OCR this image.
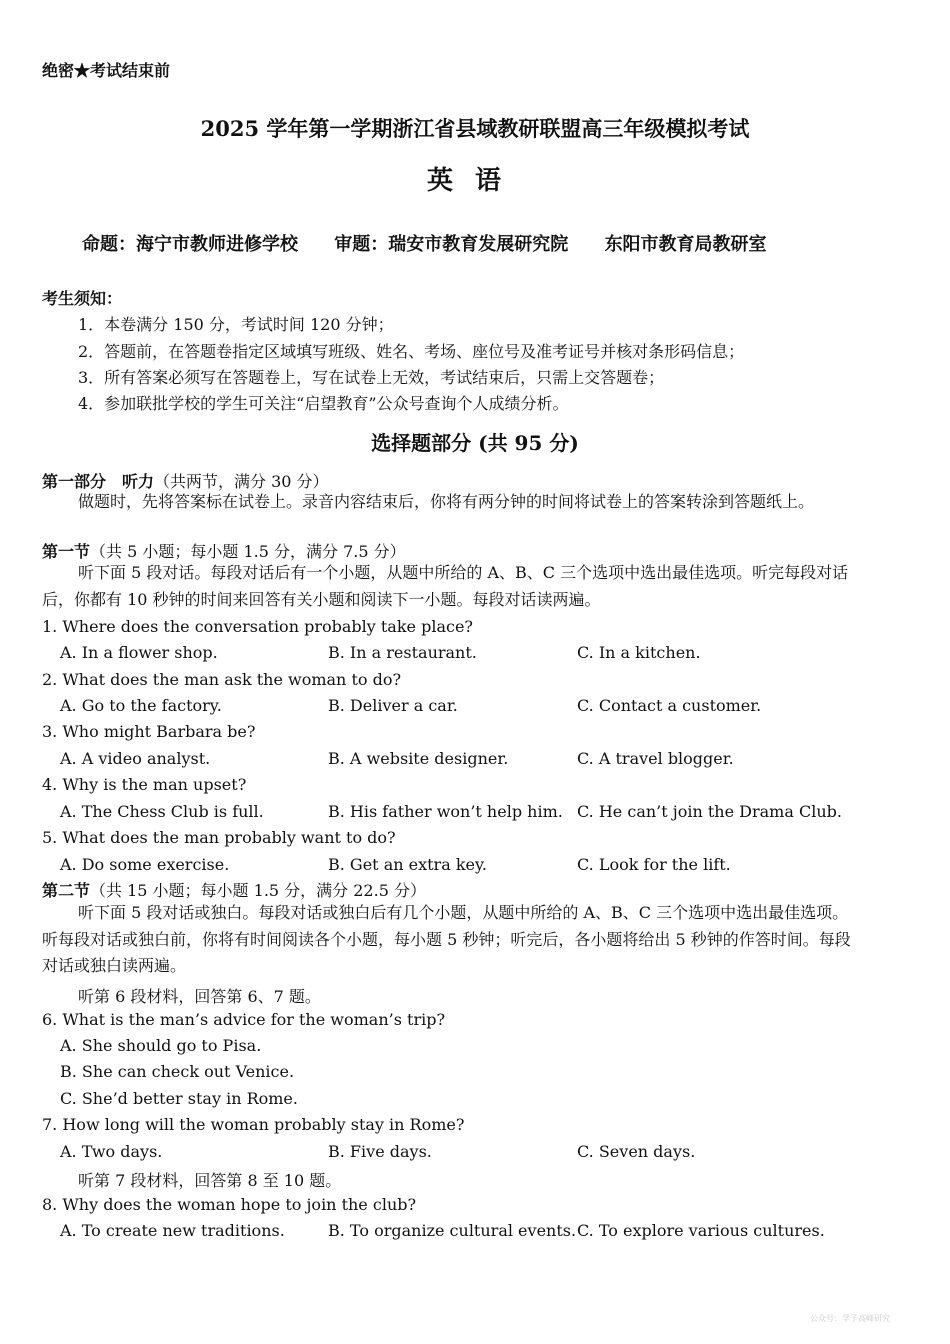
绝密★考试结束前
2025 学年第一学期浙江省县域教研联盟高三年级模拟考试
英语
命题：海宁市教师进修学校 审题：瑞安市教育发展研究院 东阳市教育局教研室
考生须知：
1．本卷满分 150 分，考试时间 120 分钟；
2．答题前，在答题卷指定区域填写班级、姓名、考场、座位号及准考证号并核对条形码信息；
3．所有答案必须写在答题卷上，写在试卷上无效，考试结束后，只需上交答题卷；
4．参加联批学校的学生可关注“启望教育”公众号查询个人成绩分析。
选择题部分 (共 95 分)
第一部分　听力（共两节，满分 30 分）
做题时，先将答案标在试卷上。录音内容结束后，你将有两分钟的时间将试卷上的答案转涂到答题纸上。
第一节（共 5 小题；每小题 1.5 分，满分 7.5 分）
听下面 5 段对话。每段对话后有一个小题，从题中所给的 A、B、C 三个选项中选出最佳选项。听完每段对话后，你都有 10 秒钟的时间来回答有关小题和阅读下一小题。每段对话读两遍。
1. Where does the conversation probably take place?
A. In a flower shop.	B. In a restaurant.	C. In a kitchen.
2. What does the man ask the woman to do?
A. Go to the factory.	B. Deliver a car.	C. Contact a customer.
3. Who might Barbara be?
A. A video analyst.	B. A website designer.	C. A travel blogger.
4. Why is the man upset?
A. The Chess Club is full.	B. His father won’t help him. C. He can’t join the Drama Club.
5. What does the man probably want to do?
A. Do some exercise.	B. Get an extra key.	C. Look for the lift.
第二节（共 15 小题；每小题 1.5 分，满分 22.5 分）
听下面 5 段对话或独白。每段对话或独白后有几个小题，从题中所给的 A、B、C 三个选项中选出最佳选项。听每段对话或独白前，你将有时间阅读各个小题，每小题 5 秒钟；听完后，各小题将给出 5 秒钟的作答时间。每段对话或独白读两遍。
听第 6 段材料，回答第 6、7 题。
6. What is the man’s advice for the woman’s trip?
A. She should go to Pisa.
B. She can check out Venice.
C. She’d better stay in Rome.
7. How long will the woman probably stay in Rome?
A. Two days.	B. Five days.	C. Seven days.
听第 7 段材料，回答第 8 至 10 题。
8. Why does the woman hope to join the club?
A. To create new traditions.	B. To organize cultural events. C. To explore various cultures.
公众号：学子高峰研究
